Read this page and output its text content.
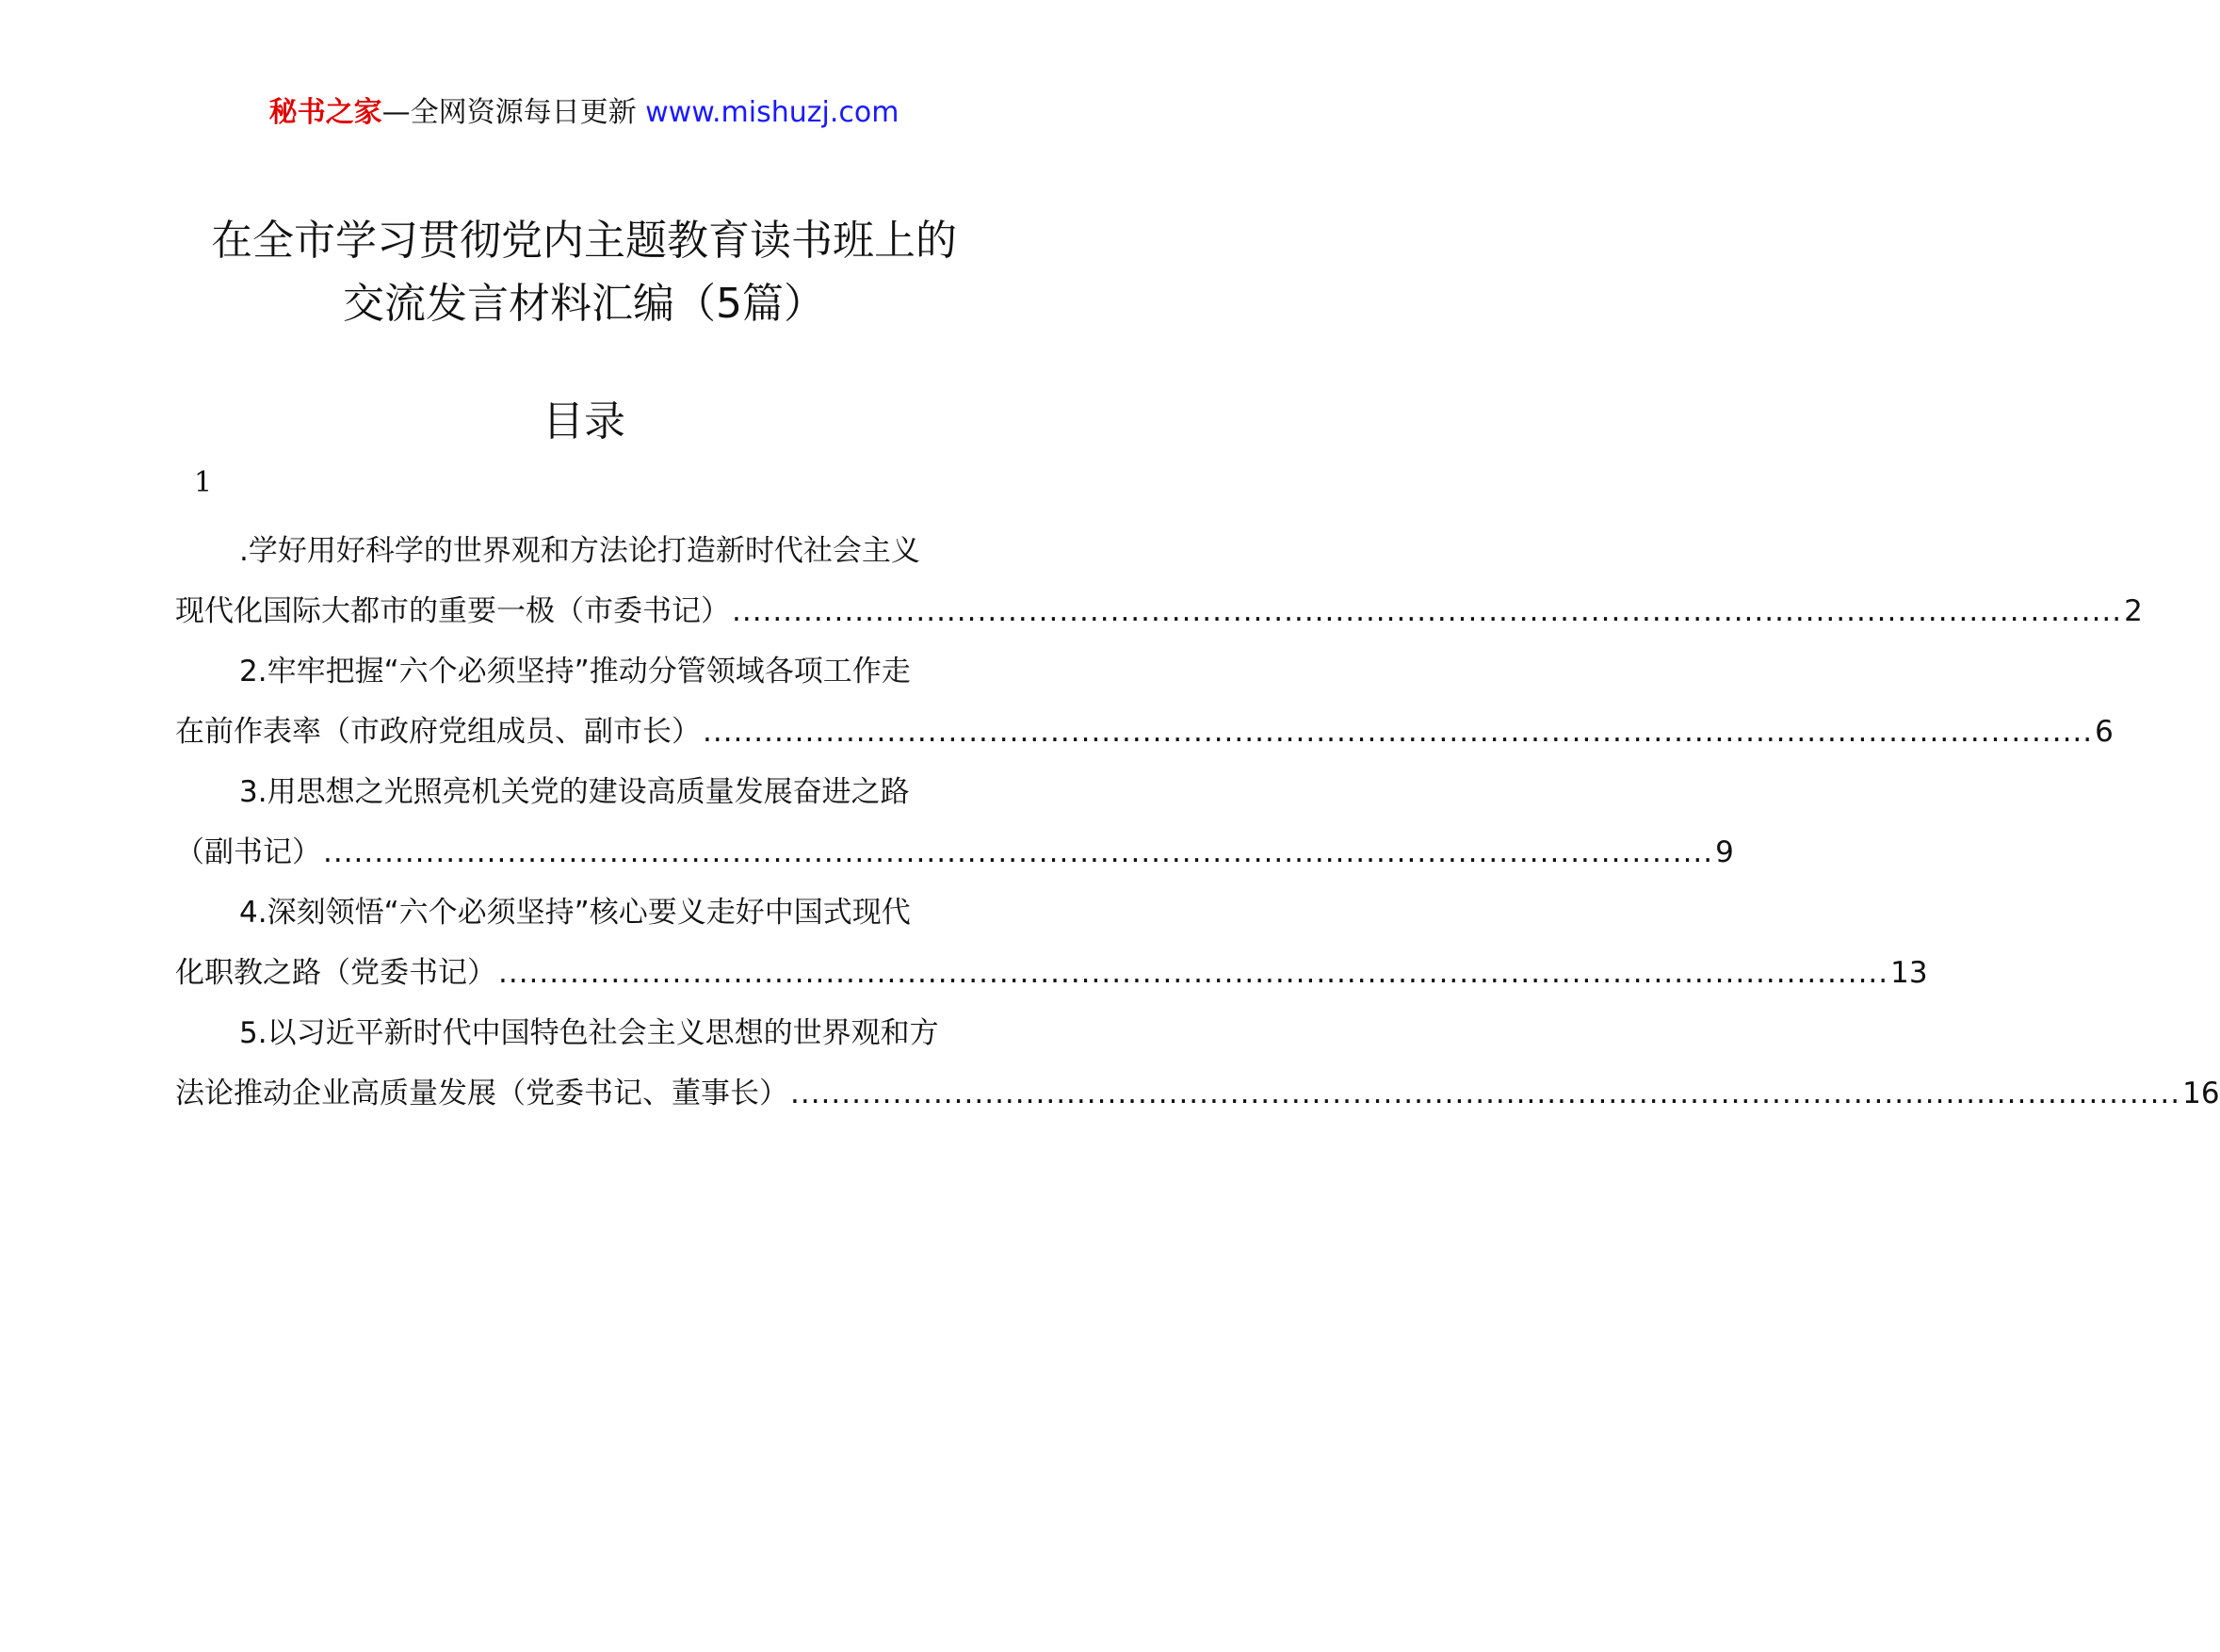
秘书之家—全网资源每日更新 www.mishuzj.com
在全市学习贯彻党内主题教育读书班上的
交流发言材料汇编（5篇）
目录
1
.学好用好科学的世界观和方法论打造新时代社会主义
现代化国际大都市的重要一极（市委书记） ........................................................................................................................................ 2
2.牢牢把握“六个必须坚持”推动分管领域各项工作走
在前作表率（市政府党组成员、副市长） ........................................................................................................................................ 6
3.用思想之光照亮机关党的建设高质量发展奋进之路
（副书记） ........................................................................................................................................ 9
4.深刻领悟“六个必须坚持”核心要义走好中国式现代
化职教之路（党委书记） ........................................................................................................................................ 13
5.以习近平新时代中国特色社会主义思想的世界观和方
法论推动企业高质量发展（党委书记、董事长） ........................................................................................................................................ 16
